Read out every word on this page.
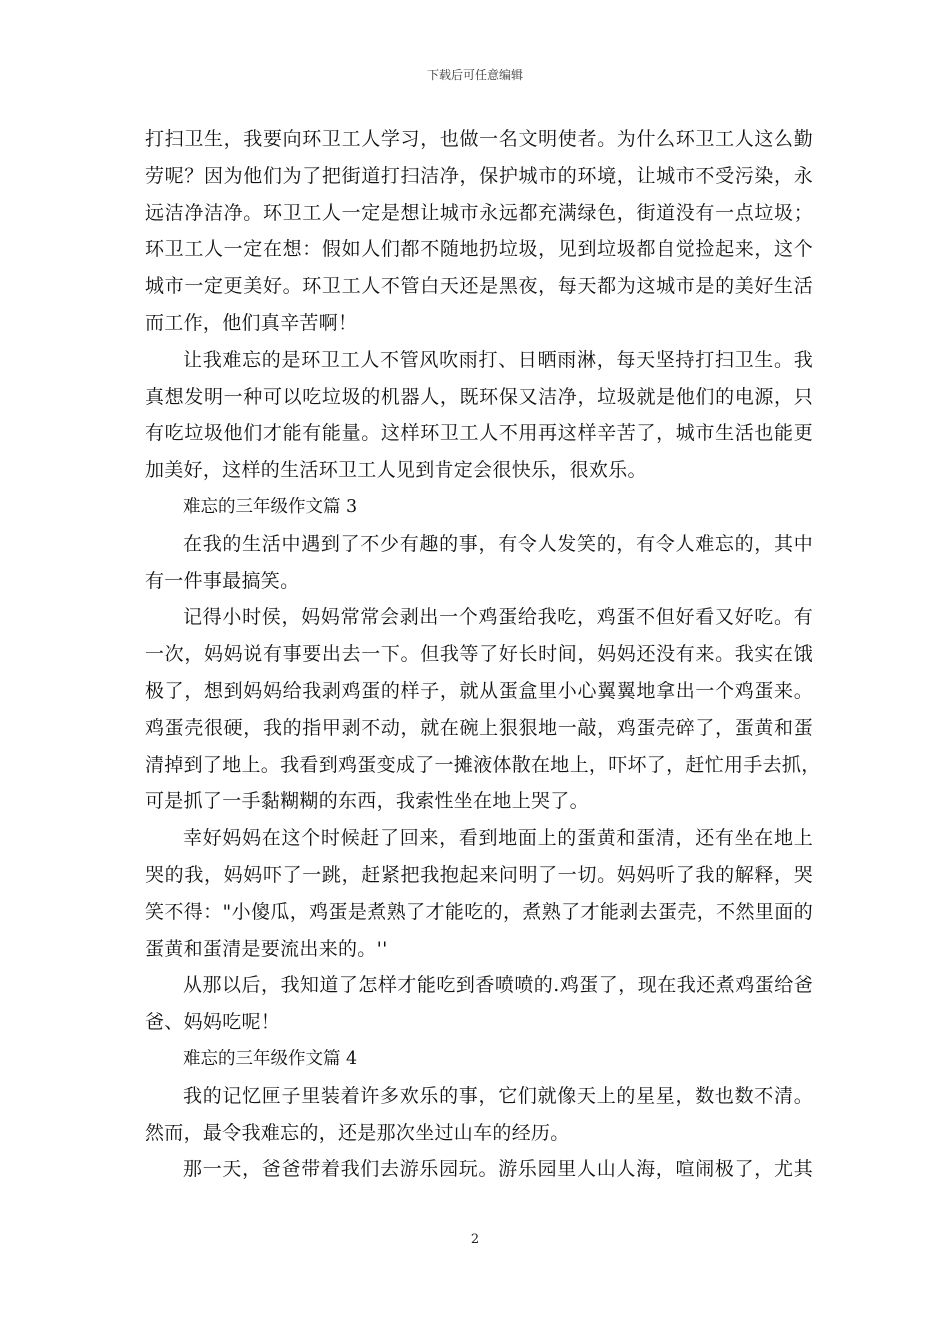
下载后可任意编辑
打扫卫生，我要向环卫工人学习，也做一名文明使者。为什么环卫工人这么勤
劳呢？因为他们为了把街道打扫洁净，保护城市的环境，让城市不受污染，永
远洁净洁净。环卫工人一定是想让城市永远都充满绿色，街道没有一点垃圾；
环卫工人一定在想：假如人们都不随地扔垃圾，见到垃圾都自觉捡起来，这个
城市一定更美好。环卫工人不管白天还是黑夜，每天都为这城市是的美好生活
而工作，他们真辛苦啊！
让我难忘的是环卫工人不管风吹雨打、日晒雨淋，每天坚持打扫卫生。我
真想发明一种可以吃垃圾的机器人，既环保又洁净，垃圾就是他们的电源，只
有吃垃圾他们才能有能量。这样环卫工人不用再这样辛苦了，城市生活也能更
加美好，这样的生活环卫工人见到肯定会很快乐，很欢乐。
难忘的三年级作文篇 3
在我的生活中遇到了不少有趣的事，有令人发笑的，有令人难忘的，其中
有一件事最搞笑。
记得小时侯，妈妈常常会剥出一个鸡蛋给我吃，鸡蛋不但好看又好吃。有
一次，妈妈说有事要出去一下。但我等了好长时间，妈妈还没有来。我实在饿
极了，想到妈妈给我剥鸡蛋的样子，就从蛋盒里小心翼翼地拿出一个鸡蛋来。
鸡蛋壳很硬，我的指甲剥不动，就在碗上狠狠地一敲，鸡蛋壳碎了，蛋黄和蛋
清掉到了地上。我看到鸡蛋变成了一摊液体散在地上，吓坏了，赶忙用手去抓，
可是抓了一手黏糊糊的东西，我索性坐在地上哭了。
幸好妈妈在这个时候赶了回来，看到地面上的蛋黄和蛋清，还有坐在地上
哭的我，妈妈吓了一跳，赶紧把我抱起来问明了一切。妈妈听了我的解释，哭
笑不得："小傻瓜，鸡蛋是煮熟了才能吃的，煮熟了才能剥去蛋壳，不然里面的
蛋黄和蛋清是要流出来的。''
从那以后，我知道了怎样才能吃到香喷喷的.鸡蛋了，现在我还煮鸡蛋给爸
爸、妈妈吃呢！
难忘的三年级作文篇 4
我的记忆匣子里装着许多欢乐的事，它们就像天上的星星，数也数不清。
然而，最令我难忘的，还是那次坐过山车的经历。
那一天，爸爸带着我们去游乐园玩。游乐园里人山人海，喧闹极了，尤其
2
